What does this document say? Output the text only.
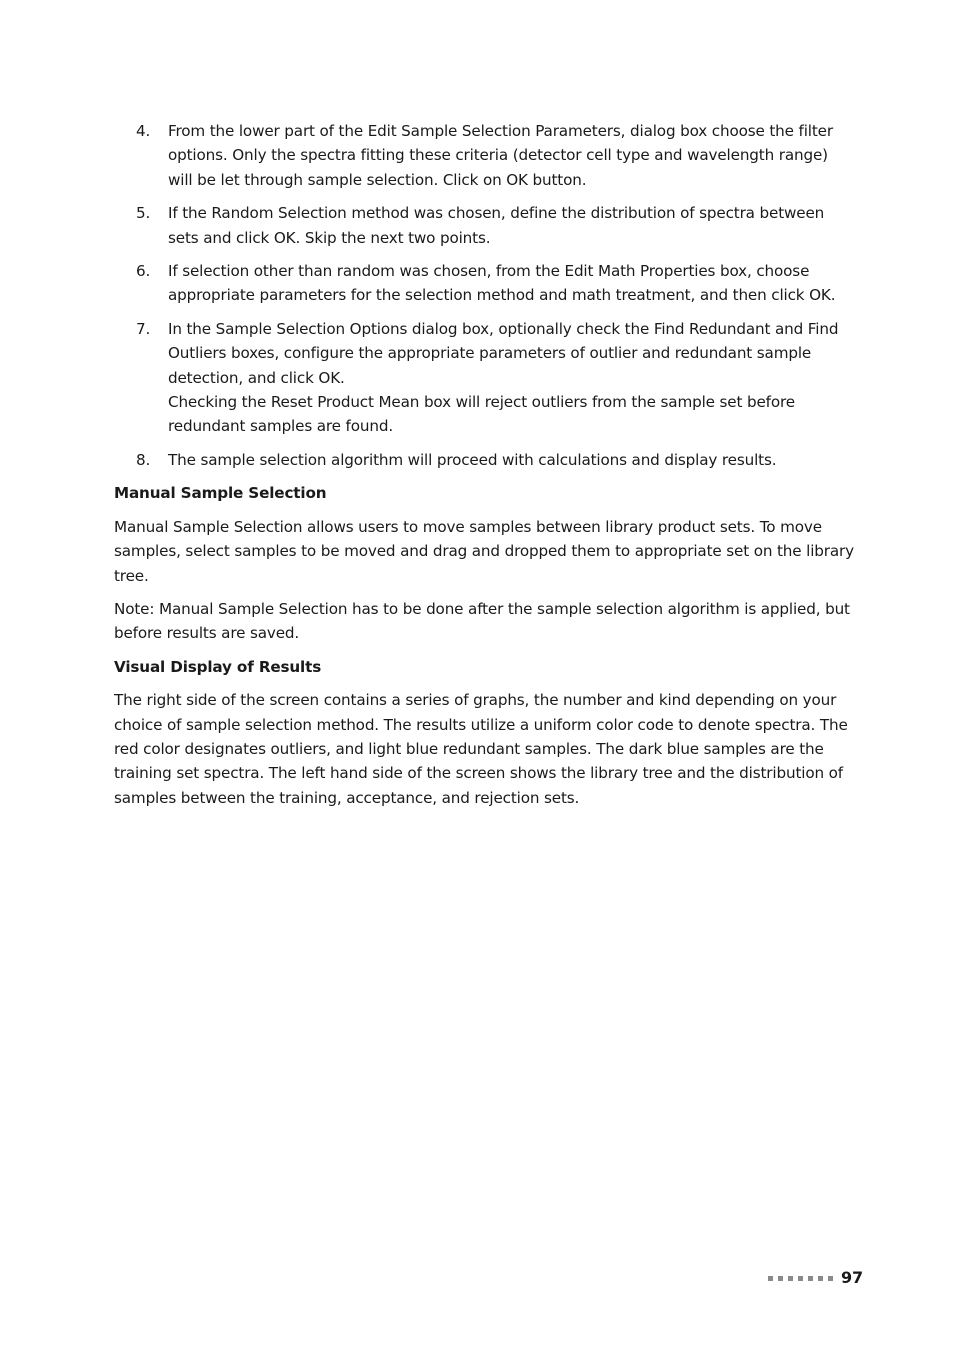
4. From the lower part of the Edit Sample Selection Parameters, dialog box choose the filter options. Only the spectra fitting these criteria (detector cell type and wavelength range) will be let through sample selection. Click on OK button.

5. If the Random Selection method was chosen, define the distribution of spectra between sets and click OK. Skip the next two points.

6. If selection other than random was chosen, from the Edit Math Properties box, choose appropriate parameters for the selection method and math treatment, and then click OK.

7. In the Sample Selection Options dialog box, optionally check the Find Redundant and Find Outliers boxes, configure the appropriate parameters of outlier and redundant sample detection, and click OK.

Checking the Reset Product Mean box will reject outliers from the sample set before redundant samples are found.

8. The sample selection algorithm will proceed with calculations and display results.

Manual Sample Selection

Manual Sample Selection allows users to move samples between library product sets. To move samples, select samples to be moved and drag and dropped them to appropriate set on the library tree.

Note: Manual Sample Selection has to be done after the sample selection algorithm is applied, but before results are saved.

Visual Display of Results

The right side of the screen contains a series of graphs, the number and kind depending on your choice of sample selection method. The results utilize a uniform color code to denote spectra. The red color designates outliers, and light blue redundant samples. The dark blue samples are the training set spectra. The left hand side of the screen shows the library tree and the distribution of samples between the training, acceptance, and rejection sets.

97
